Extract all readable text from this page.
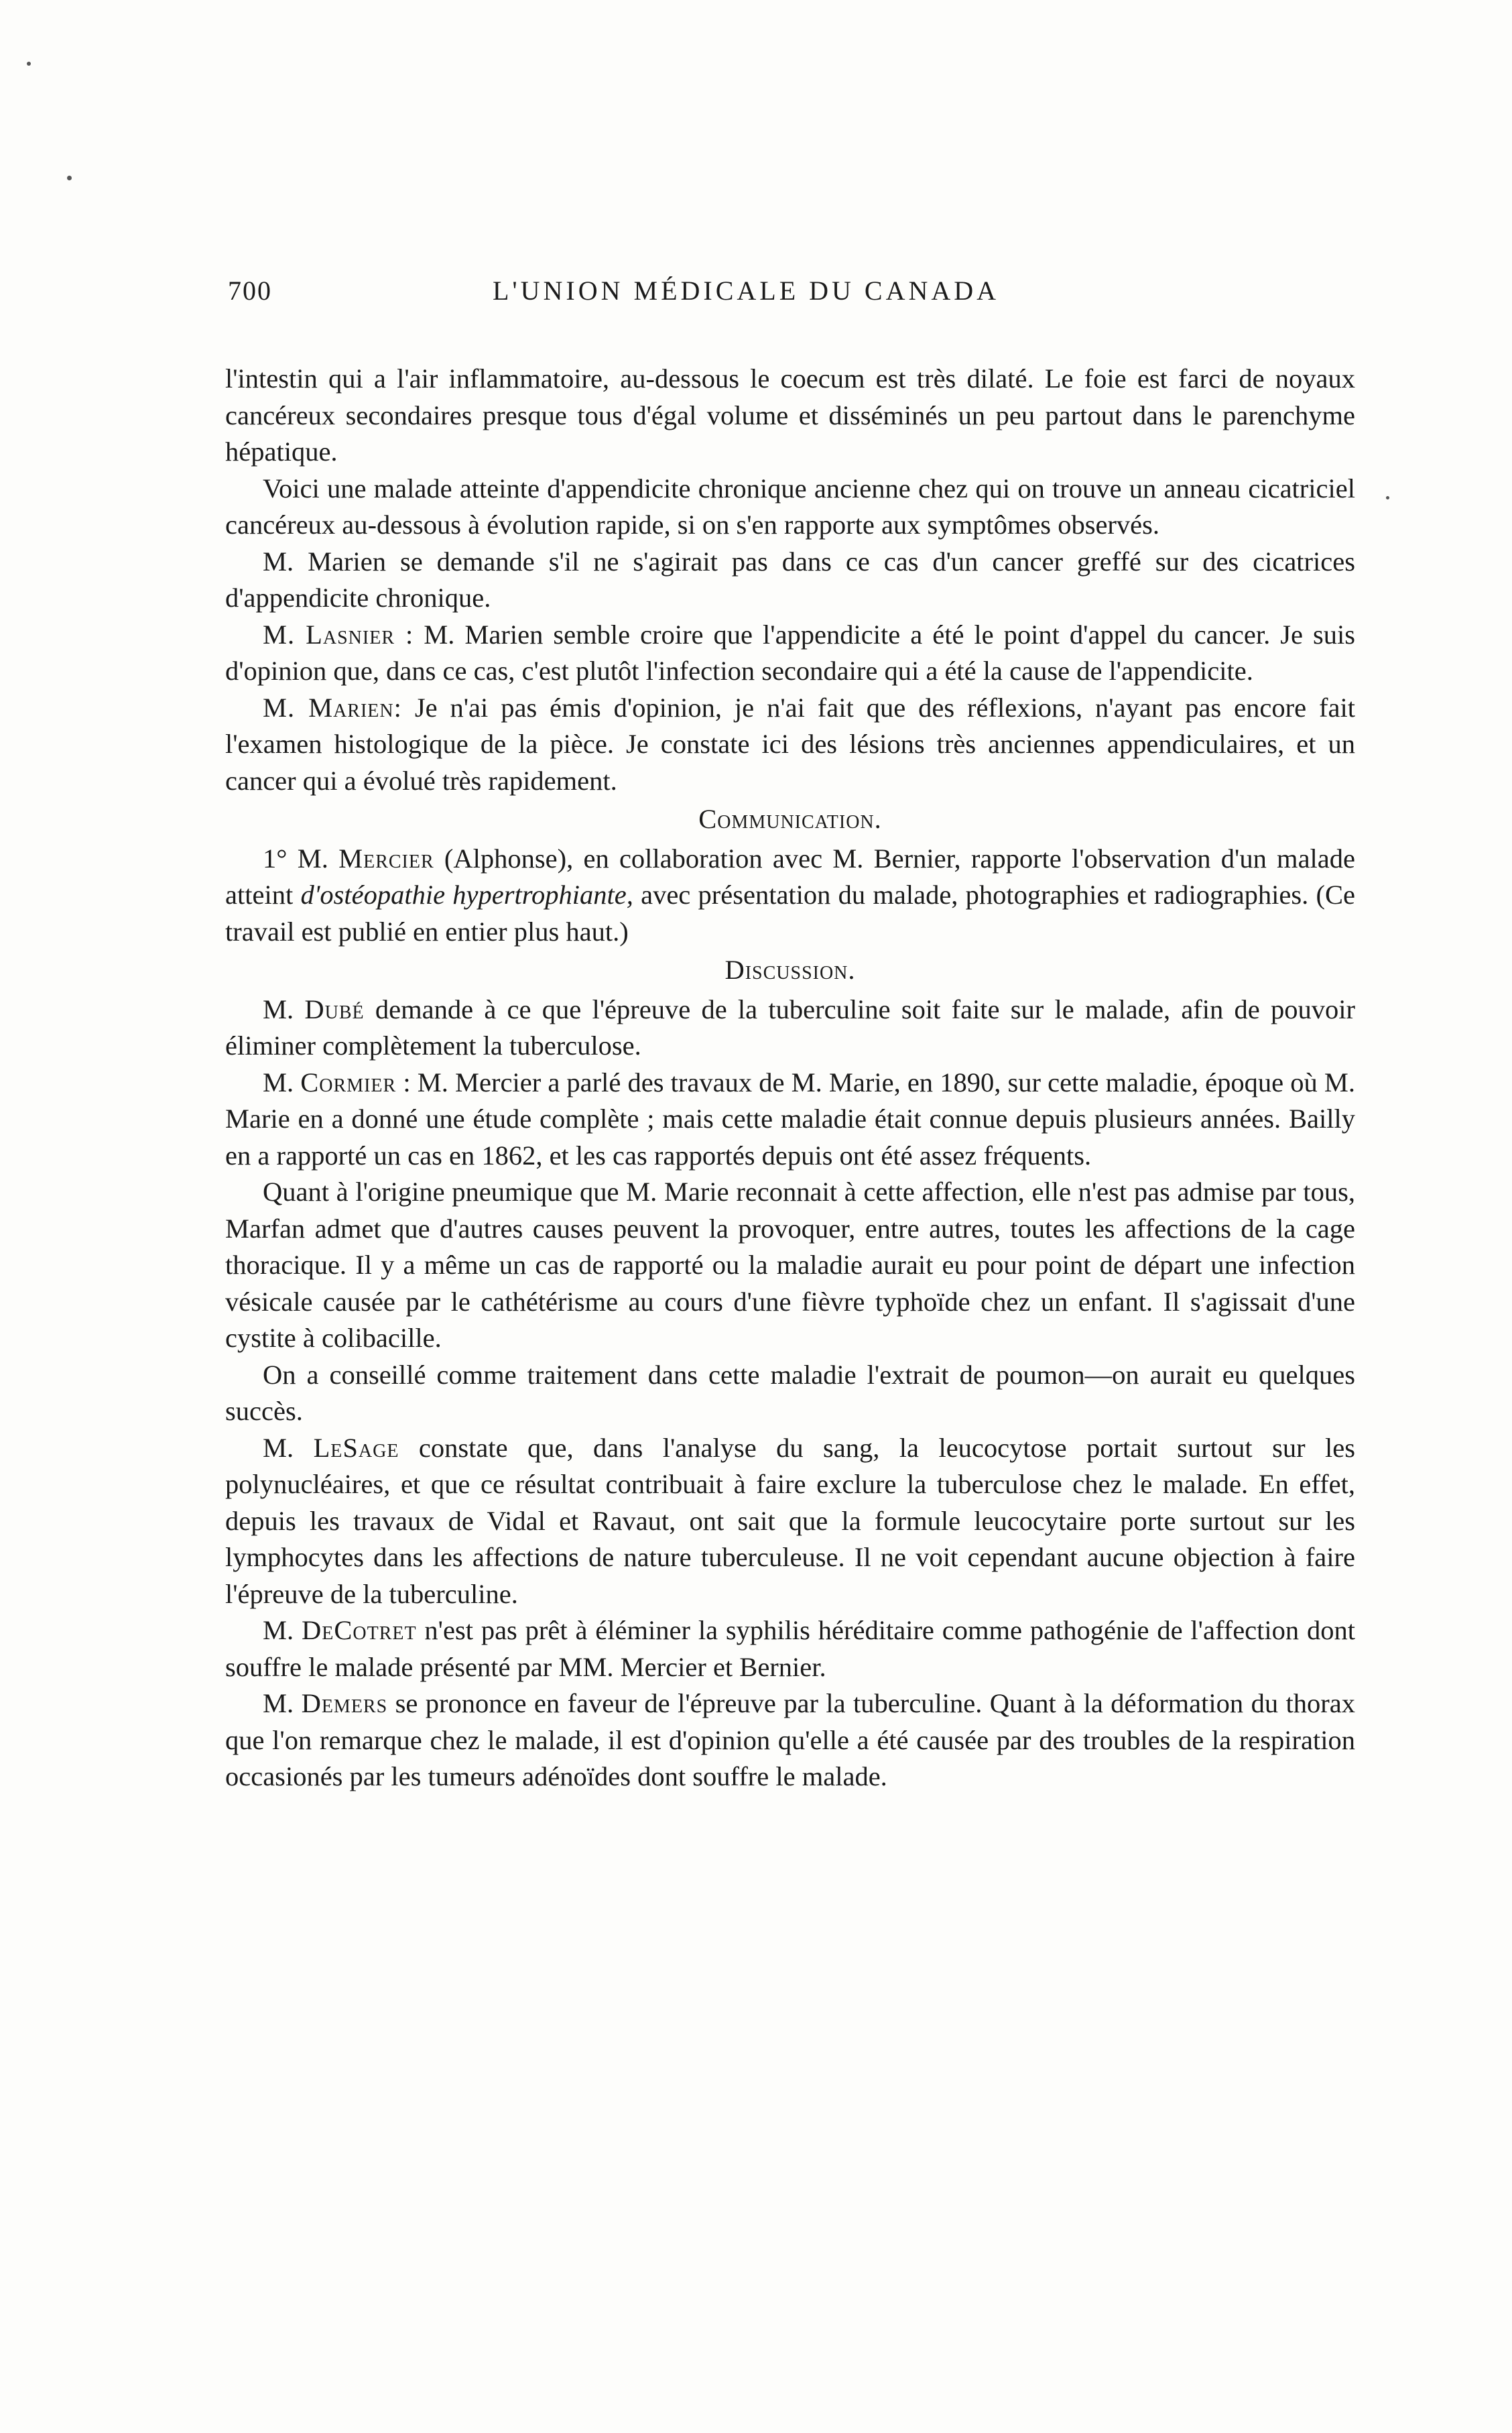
700	L'UNION MÉDICALE DU CANADA

l'intestin qui a l'air inflammatoire, au-dessous le coecum est très dilaté. Le foie est farci de noyaux cancéreux secondaires presque tous d'égal volume et disséminés un peu partout dans le parenchyme hépatique.

Voici une malade atteinte d'appendicite chronique ancienne chez qui on trouve un anneau cicatriciel cancéreux au-dessous à évolution rapide, si on s'en rapporte aux symptômes observés.

M. Marien se demande s'il ne s'agirait pas dans ce cas d'un cancer greffé sur des cicatrices d'appendicite chronique.

M. Lasnier : M. Marien semble croire que l'appendicite a été le point d'appel du cancer. Je suis d'opinion que, dans ce cas, c'est plutôt l'infection secondaire qui a été la cause de l'appendicite.

M. Marien: Je n'ai pas émis d'opinion, je n'ai fait que des réflexions, n'ayant pas encore fait l'examen histologique de la pièce. Je constate ici des lésions très anciennes appendiculaires, et un cancer qui a évolué très rapidement.

Communication.

1° M. Mercier (Alphonse), en collaboration avec M. Bernier, rapporte l'observation d'un malade atteint d'ostéopathie hypertrophiante, avec présentation du malade, photographies et radiographies. (Ce travail est publié en entier plus haut.)

Discussion.

M. Dubé demande à ce que l'épreuve de la tuberculine soit faite sur le malade, afin de pouvoir éliminer complètement la tuberculose.

M. Cormier : M. Mercier a parlé des travaux de M. Marie, en 1890, sur cette maladie, époque où M. Marie en a donné une étude complète ; mais cette maladie était connue depuis plusieurs années. Bailly en a rapporté un cas en 1862, et les cas rapportés depuis ont été assez fréquents.

Quant à l'origine pneumique que M. Marie reconnait à cette affection, elle n'est pas admise par tous, Marfan admet que d'autres causes peuvent la provoquer, entre autres, toutes les affections de la cage thoracique. Il y a même un cas de rapporté ou la maladie aurait eu pour point de départ une infection vésicale causée par le cathétérisme au cours d'une fièvre typhoïde chez un enfant. Il s'agissait d'une cystite à colibacille.

On a conseillé comme traitement dans cette maladie l'extrait de poumon—on aurait eu quelques succès.

M. LeSage constate que, dans l'analyse du sang, la leucocytose portait surtout sur les polynucléaires, et que ce résultat contribuait à faire exclure la tuberculose chez le malade. En effet, depuis les travaux de Vidal et Ravaut, ont sait que la formule leucocytaire porte surtout sur les lymphocytes dans les affections de nature tuberculeuse. Il ne voit cependant aucune objection à faire l'épreuve de la tuberculine.

M. DeCotret n'est pas prêt à éléminer la syphilis héréditaire comme pathogénie de l'affection dont souffre le malade présenté par MM. Mercier et Bernier.

M. Demers se prononce en faveur de l'épreuve par la tuberculine. Quant à la déformation du thorax que l'on remarque chez le malade, il est d'opinion qu'elle a été causée par des troubles de la respiration occasionés par les tumeurs adénoïdes dont souffre le malade.
